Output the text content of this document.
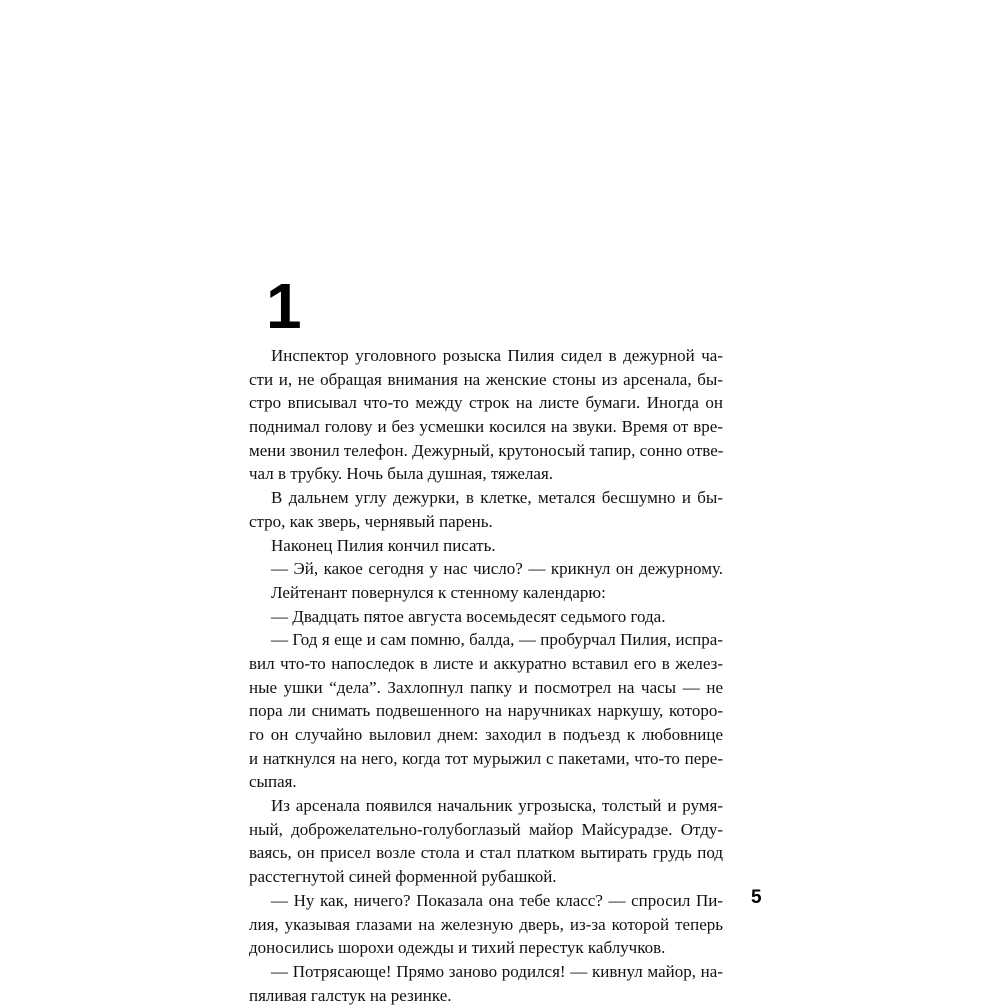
1
Инспектор уголовного розыска Пилия сидел в дежурной ча-
сти и, не обращая внимания на женские стоны из арсенала, бы-
стро вписывал что-то между строк на листе бумаги. Иногда он
поднимал голову и без усмешки косился на звуки. Время от вре-
мени звонил телефон. Дежурный, крутоносый тапир, сонно отве-
чал в трубку. Ночь была душная, тяжелая.
В дальнем углу дежурки, в клетке, метался бесшумно и бы-
стро, как зверь, чернявый парень.
Наконец Пилия кончил писать.
— Эй, какое сегодня у нас число? — крикнул он дежурному.
Лейтенант повернулся к стенному календарю:
— Двадцать пятое августа восемьдесят седьмого года.
— Год я еще и сам помню, балда, — пробурчал Пилия, испра-
вил что-то напоследок в листе и аккуратно вставил его в желез-
ные ушки “дела”. Захлопнул папку и посмотрел на часы — не
пора ли снимать подвешенного на наручниках наркушу, которо-
го он случайно выловил днем: заходил в подъезд к любовнице
и наткнулся на него, когда тот мурыжил с пакетами, что-то пере-
сыпая.
Из арсенала появился начальник угрозыска, толстый и румя-
ный, доброжелательно-голубоглазый майор Майсурадзе. Отду-
ваясь, он присел возле стола и стал платком вытирать грудь под
расстегнутой синей форменной рубашкой.
— Ну как, ничего? Показала она тебе класс? — спросил Пи-
лия, указывая глазами на железную дверь, из-за которой теперь
доносились шорохи одежды и тихий перестук каблучков.
— Потрясающе! Прямо заново родился! — кивнул майор, на-
пяливая галстук на резинке.
5
